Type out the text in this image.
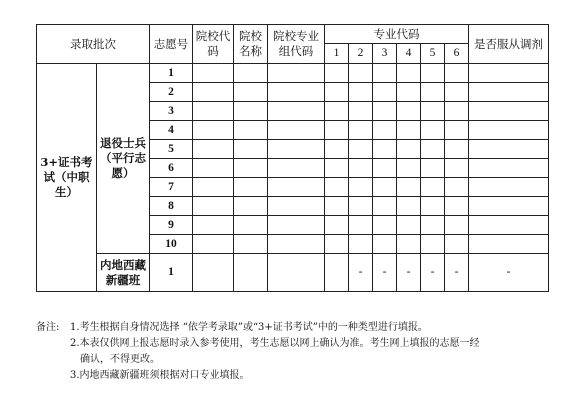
录取批次		志愿号	院校代码	院校名称	院校专业组代码	专业代码						是否服从调剂
						1	2	3	4	5	6	
3+证书考试（中职生）	退役士兵（平行志愿）	1										
		2										
		3										
		4										
		5										
		6										
		7										
		8										
		9										
		10										
	内地西藏新疆班	1					-	-	-	-	-	-
备注:	1.考生根据自身情况选择 “依学考录取”或“3+证书考试”中的一种类型进行填报。
2.本表仅供网上报志愿时录入参考使用，考生志愿以网上确认为准。考生网上填报的志愿一经
确认，不得更改。
3.内地西藏新疆班须根据对口专业填报。
